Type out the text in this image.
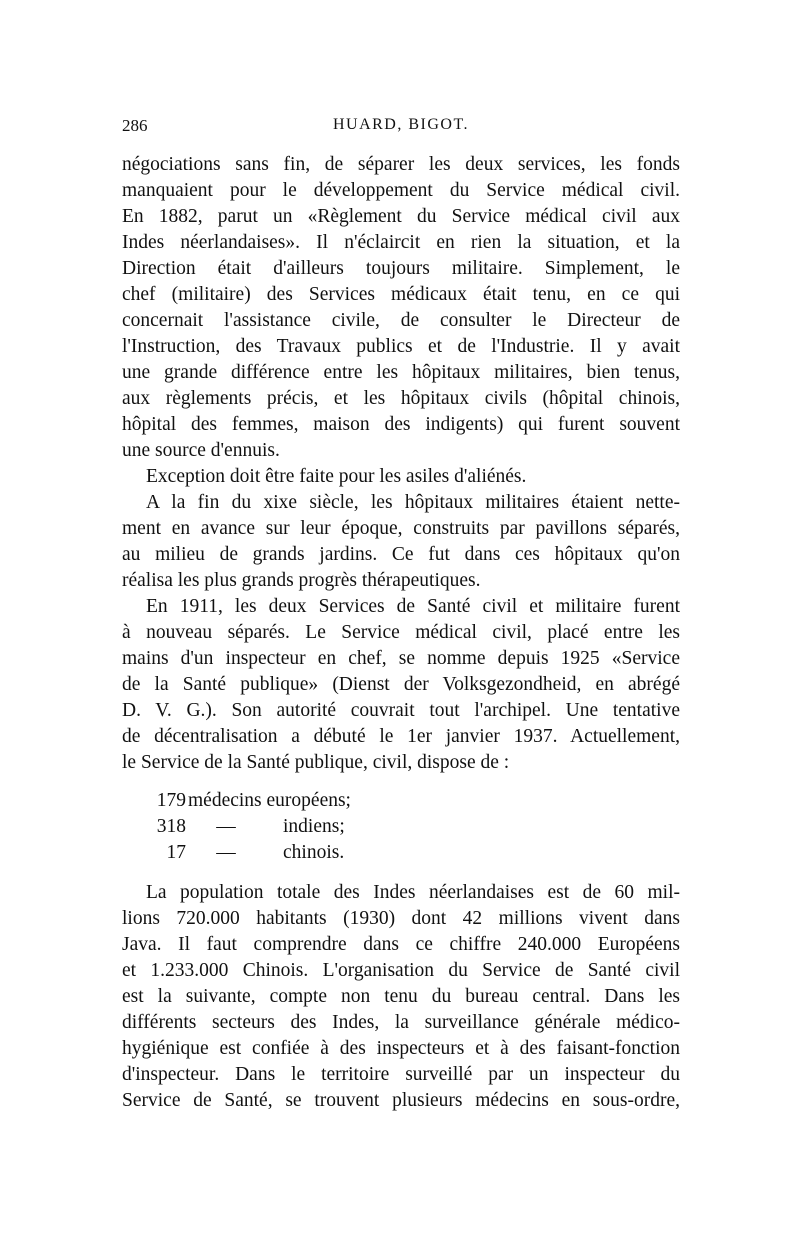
286	HUARD, BIGOT.
négociations sans fin, de séparer les deux services, les fonds
manquaient pour le développement du Service médical civil.
En 1882, parut un «Règlement du Service médical civil aux
Indes néerlandaises». Il n'éclaircit en rien la situation, et la
Direction était d'ailleurs toujours militaire. Simplement, le
chef (militaire) des Services médicaux était tenu, en ce qui
concernait l'assistance civile, de consulter le Directeur de
l'Instruction, des Travaux publics et de l'Industrie. Il y avait
une grande différence entre les hôpitaux militaires, bien tenus,
aux règlements précis, et les hôpitaux civils (hôpital chinois,
hôpital des femmes, maison des indigents) qui furent souvent
une source d'ennuis.
Exception doit être faite pour les asiles d'aliénés.
A la fin du xixe siècle, les hôpitaux militaires étaient nette-
ment en avance sur leur époque, construits par pavillons séparés,
au milieu de grands jardins. Ce fut dans ces hôpitaux qu'on
réalisa les plus grands progrès thérapeutiques.
En 1911, les deux Services de Santé civil et militaire furent
à nouveau séparés. Le Service médical civil, placé entre les
mains d'un inspecteur en chef, se nomme depuis 1925 «Service
de la Santé publique» (Dienst der Volksgezondheid, en abrégé
D. V. G.). Son autorité couvrait tout l'archipel. Une tentative
de décentralisation a débuté le 1er janvier 1937. Actuellement,
le Service de la Santé publique, civil, dispose de :
179 médecins européens;
318	—	indiens;
17	—	chinois.
La population totale des Indes néerlandaises est de 60 mil-
lions 720.000 habitants (1930) dont 42 millions vivent dans
Java. Il faut comprendre dans ce chiffre 240.000 Européens
et 1.233.000 Chinois. L'organisation du Service de Santé civil
est la suivante, compte non tenu du bureau central. Dans les
différents secteurs des Indes, la surveillance générale médico-
hygiénique est confiée à des inspecteurs et à des faisant-fonction
d'inspecteur. Dans le territoire surveillé par un inspecteur du
Service de Santé, se trouvent plusieurs médecins en sous-ordre,
